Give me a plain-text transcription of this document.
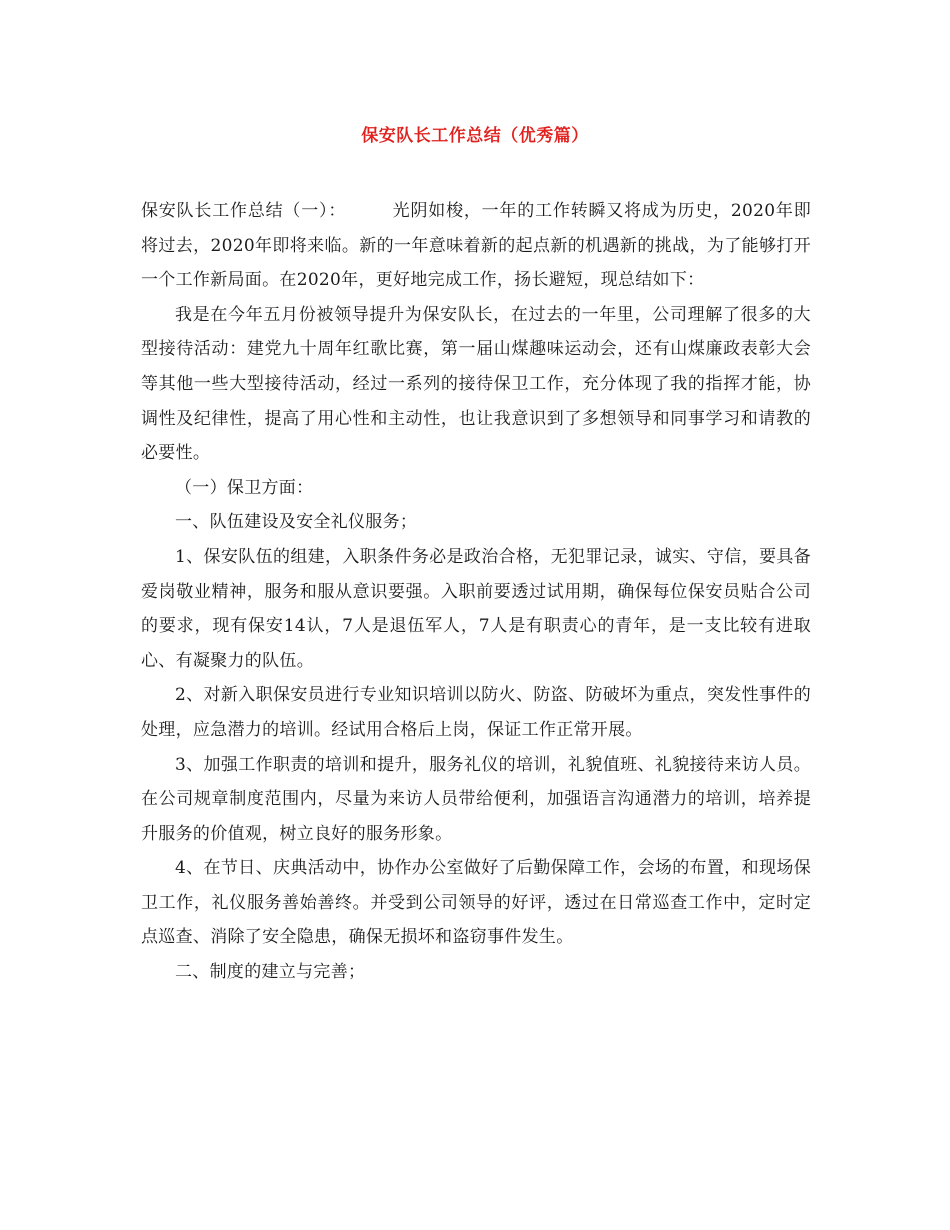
保安队长工作总结（优秀篇）

保安队长工作总结（一）：	光阴如梭，一年的工作转瞬又将成为历史，2020年即将过去，2020年即将来临。新的一年意味着新的起点新的机遇新的挑战，为了能够打开一个工作新局面。在2020年，更好地完成工作，扬长避短，现总结如下：

我是在今年五月份被领导提升为保安队长，在过去的一年里，公司理解了很多的大型接待活动：建党九十周年红歌比赛，第一届山煤趣味运动会，还有山煤廉政表彰大会等其他一些大型接待活动，经过一系列的接待保卫工作，充分体现了我的指挥才能，协调性及纪律性，提高了用心性和主动性，也让我意识到了多想领导和同事学习和请教的必要性。

（一）保卫方面：

一、队伍建设及安全礼仪服务；

1、保安队伍的组建，入职条件务必是政治合格，无犯罪记录，诚实、守信，要具备爱岗敬业精神，服务和服从意识要强。入职前要透过试用期，确保每位保安员贴合公司的要求，现有保安14认，7人是退伍军人，7人是有职责心的青年，是一支比较有进取心、有凝聚力的队伍。

2、对新入职保安员进行专业知识培训以防火、防盗、防破坏为重点，突发性事件的处理，应急潜力的培训。经试用合格后上岗，保证工作正常开展。

3、加强工作职责的培训和提升，服务礼仪的培训，礼貌值班、礼貌接待来访人员。在公司规章制度范围内，尽量为来访人员带给便利，加强语言沟通潜力的培训，培养提升服务的价值观，树立良好的服务形象。

4、在节日、庆典活动中，协作办公室做好了后勤保障工作，会场的布置，和现场保卫工作，礼仪服务善始善终。并受到公司领导的好评，透过在日常巡查工作中，定时定点巡查、消除了安全隐患，确保无损坏和盗窃事件发生。

二、制度的建立与完善；
